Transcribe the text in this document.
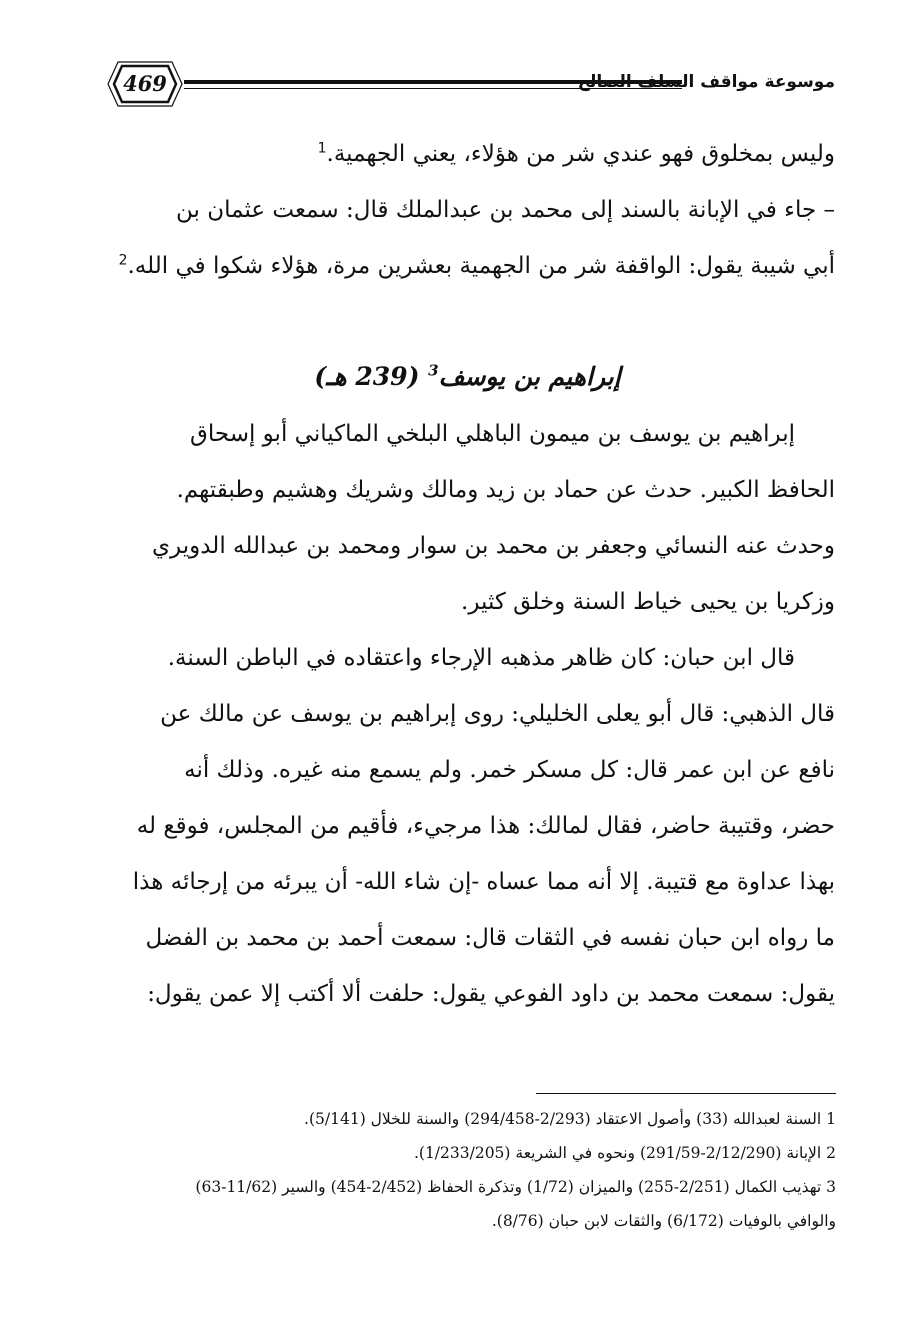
469	موسوعة مواقف السلف الصالح
وليس بمخلوق فهو عندي شر من هؤلاء، يعني الجهمية.$^1$
– جاء في الإبانة بالسند إلى محمد بن عبدالملك قال: سمعت عثمان بن
أبي شيبة يقول: الواقفة شر من الجهمية بعشرين مرة، هؤلاء شكوا في الله.$^2$
إبراهيم بن يوسف$^3$ (239 هـ)
إبراهيم بن يوسف بن ميمون الباهلي البلخي الماكياني أبو إسحاق
الحافظ الكبير. حدث عن حماد بن زيد ومالك وشريك وهشيم وطبقتهم.
وحدث عنه النسائي وجعفر بن محمد بن سوار ومحمد بن عبدالله الدويري
وزكريا بن يحيى خياط السنة وخلق كثير.
قال ابن حبان: كان ظاهر مذهبه الإرجاء واعتقاده في الباطن السنة.
قال الذهبي: قال أبو يعلى الخليلي: روى إبراهيم بن يوسف عن مالك عن
نافع عن ابن عمر قال: كل مسكر خمر. ولم يسمع منه غيره. وذلك أنه
حضر، وقتيبة حاضر، فقال لمالك: هذا مرجيء، فأقيم من المجلس، فوقع له
بهذا عداوة مع قتيبة. إلا أنه مما عساه -إن شاء الله- أن يبرئه من إرجائه هذا
ما رواه ابن حبان نفسه في الثقات قال: سمعت أحمد بن محمد بن الفضل
يقول: سمعت محمد بن داود الفوعي يقول: حلفت ألا أكتب إلا عمن يقول:
1 السنة لعبدالله (33) وأصول الاعتقاد (2/293-294/458) والسنة للخلال (5/141).
2 الإبانة (2/12/290-291/59) ونحوه في الشريعة (1/233/205).
3 تهذيب الكمال (2/251-255) والميزان (1/72) وتذكرة الحفاظ (2/452-454) والسير (11/62-63)
والوافي بالوفيات (6/172) والثقات لابن حبان (8/76).
